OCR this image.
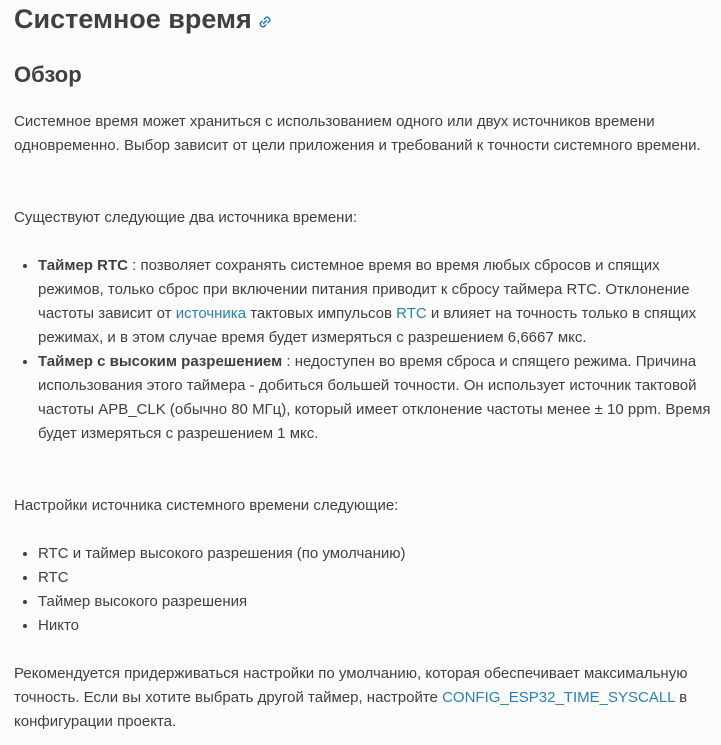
Системное время
Обзор

Системное время может храниться с использованием одного или двух источников времени одновременно. Выбор зависит от цели приложения и требований к точности системного времени.

Существуют следующие два источника времени:

• Таймер RTC : позволяет сохранять системное время во время любых сбросов и спящих режимов, только сброс при включении питания приводит к сбросу таймера RTC. Отклонение частоты зависит от источника тактовых импульсов RTC и влияет на точность только в спящих режимах, и в этом случае время будет измеряться с разрешением 6,6667 мкс.
• Таймер с высоким разрешением : недоступен во время сброса и спящего режима. Причина использования этого таймера - добиться большей точности. Он использует источник тактовой частоты APB_CLK (обычно 80 МГц), который имеет отклонение частоты менее ± 10 ppm. Время будет измеряться с разрешением 1 мкс.

Настройки источника системного времени следующие:

• RTC и таймер высокого разрешения (по умолчанию)
• RTC
• Таймер высокого разрешения
• Никто

Рекомендуется придерживаться настройки по умолчанию, которая обеспечивает максимальную точность. Если вы хотите выбрать другой таймер, настройте CONFIG_ESP32_TIME_SYSCALL в конфигурации проекта.
